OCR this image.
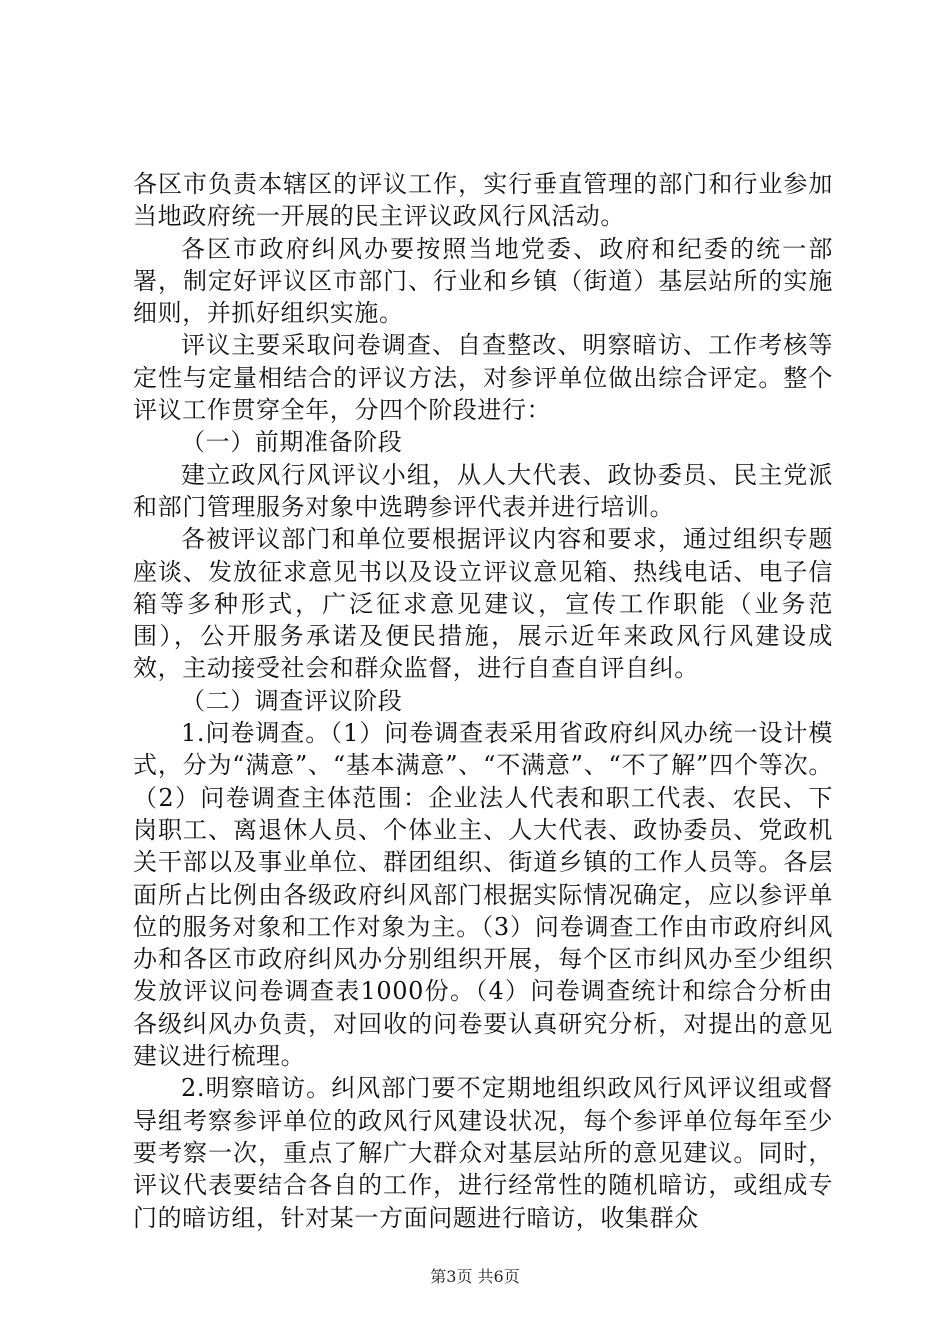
各区市负责本辖区的评议工作，实行垂直管理的部门和行业参加当地政府统一开展的民主评议政风行风活动。

各区市政府纠风办要按照当地党委、政府和纪委的统一部署，制定好评议区市部门、行业和乡镇（街道）基层站所的实施细则，并抓好组织实施。

评议主要采取问卷调查、自查整改、明察暗访、工作考核等定性与定量相结合的评议方法，对参评单位做出综合评定。整个评议工作贯穿全年，分四个阶段进行：

（一）前期准备阶段

建立政风行风评议小组，从人大代表、政协委员、民主党派和部门管理服务对象中选聘参评代表并进行培训。

各被评议部门和单位要根据评议内容和要求，通过组织专题座谈、发放征求意见书以及设立评议意见箱、热线电话、电子信箱等多种形式，广泛征求意见建议，宣传工作职能（业务范围），公开服务承诺及便民措施，展示近年来政风行风建设成效，主动接受社会和群众监督，进行自查自评自纠。

（二）调查评议阶段

1.问卷调查。（1）问卷调查表采用省政府纠风办统一设计模式，分为“满意”、“基本满意”、“不满意”、“不了解”四个等次。（2）问卷调查主体范围：企业法人代表和职工代表、农民、下岗职工、离退休人员、个体业主、人大代表、政协委员、党政机关干部以及事业单位、群团组织、街道乡镇的工作人员等。各层面所占比例由各级政府纠风部门根据实际情况确定，应以参评单位的服务对象和工作对象为主。（3）问卷调查工作由市政府纠风办和各区市政府纠风办分别组织开展，每个区市纠风办至少组织发放评议问卷调查表1000份。（4）问卷调查统计和综合分析由各级纠风办负责，对回收的问卷要认真研究分析，对提出的意见建议进行梳理。

2.明察暗访。纠风部门要不定期地组织政风行风评议组或督导组考察参评单位的政风行风建设状况，每个参评单位每年至少要考察一次，重点了解广大群众对基层站所的意见建议。同时，评议代表要结合各自的工作，进行经常性的随机暗访，或组成专门的暗访组，针对某一方面问题进行暗访，收集群众

第3页 共6页
